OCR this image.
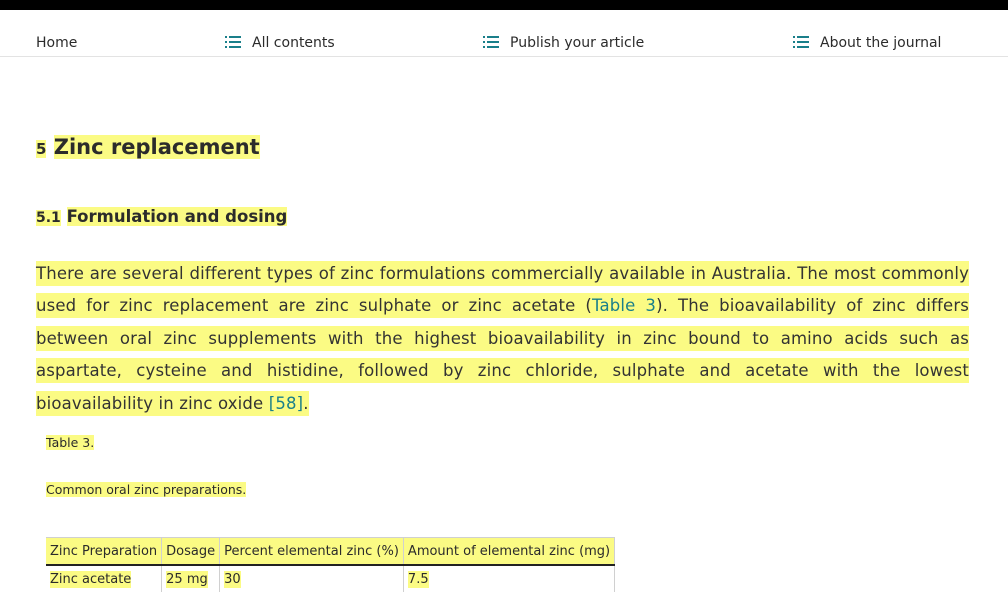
Home	All contents	Publish your article	About the journal
5 Zinc replacement
5.1 Formulation and dosing

There are several different types of zinc formulations commercially available in Australia. The most commonly used for zinc replacement are zinc sulphate or zinc acetate (Table 3). The bioavailability of zinc differs between oral zinc supplements with the highest bioavailability in zinc bound to amino acids such as aspartate, cysteine and histidine, followed by zinc chloride, sulphate and acetate with the lowest bioavailability in zinc oxide [58].

Table 3.
Common oral zinc preparations.
Zinc Preparation	Dosage	Percent elemental zinc (%)	Amount of elemental zinc (mg)
Zinc acetate	25 mg	30	7.5
